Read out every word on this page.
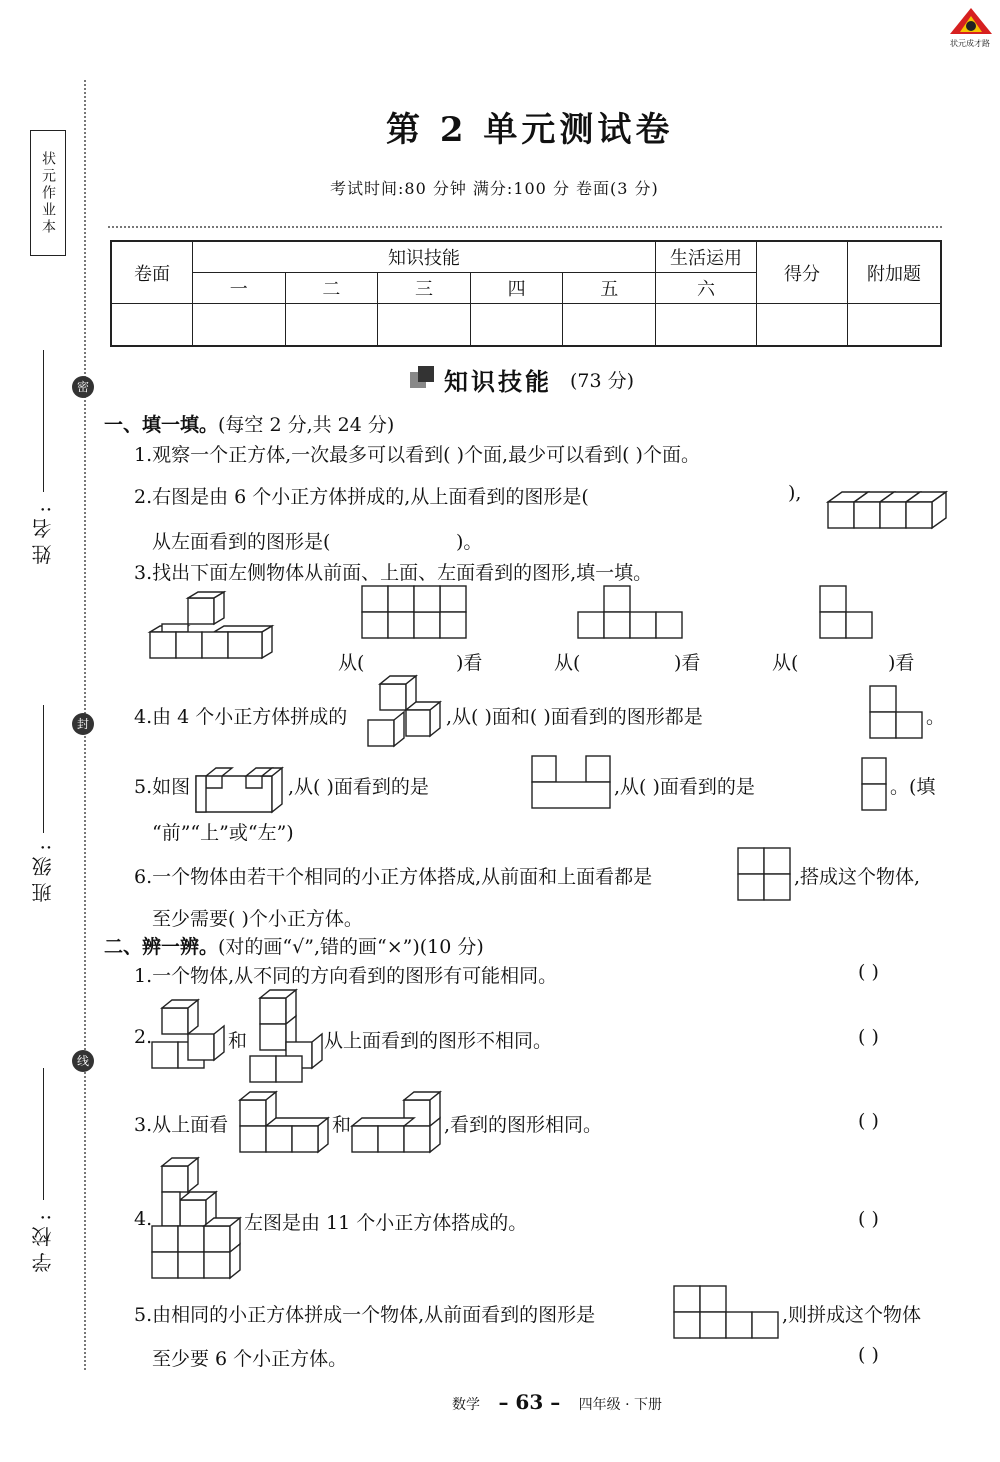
状元成才路
状元作业本
密
封
线
姓名:
班级:
学校:
第 2 单元测试卷
考试时间:80 分钟 满分:100 分 卷面(3 分)
卷面	知识技能					生活运用	得分	附加题
	一	二	三	四	五	六		

知识技能 (73 分)
一、填一填。(每空 2 分,共 24 分)
1.观察一个正方体,一次最多可以看到( )个面,最少可以看到( )个面。
2.右图是由 6 个小正方体拼成的,从上面看到的图形是(	),
从左面看到的图形是(	)。
3.找出下面左侧物体从前面、上面、左面看到的图形,填一填。
从(	)看	从(	)看	从(	)看
4.由 4 个小正方体拼成的	,从( )面和( )面看到的图形都是	。
5.如图	,从( )面看到的是	,从( )面看到的是	。(填
“前”“上”或“左”)
6.一个物体由若干个相同的小正方体搭成,从前面和上面看都是	,搭成这个物体,
至少需要( )个小正方体。
二、辨一辨。(对的画“√”,错的画“×”)(10 分)
1.一个物体,从不同的方向看到的图形有可能相同。	( )
2.	和	从上面看到的图形不相同。	( )
3.从上面看	和	,看到的图形相同。	( )
4.	左图是由 11 个小正方体搭成的。	( )
5.由相同的小正方体拼成一个物体,从前面看到的图形是	,则拼成这个物体
至少要 6 个小正方体。	( )
数学 – 63 – 四年级 · 下册
